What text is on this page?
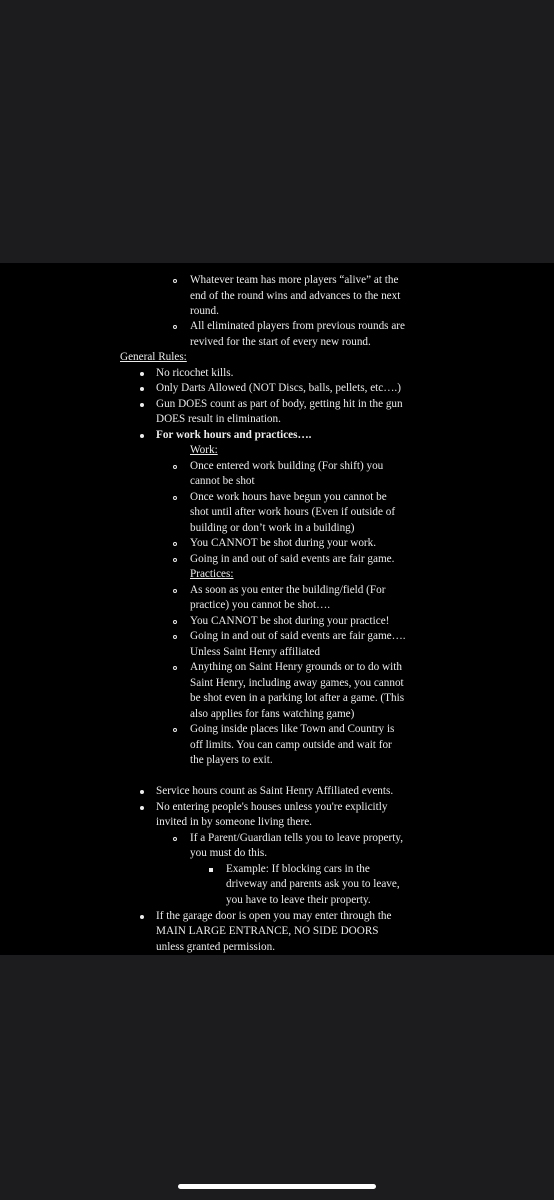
Whatever team has more players “alive” at the
end of the round wins and advances to the next
round.
All eliminated players from previous rounds are
revived for the start of every new round.
General Rules:
No ricochet kills.
Only Darts Allowed (NOT Discs, balls, pellets, etc….)
Gun DOES count as part of body, getting hit in the gun
DOES result in elimination.
For work hours and practices….
Work:
Once entered work building (For shift) you
cannot be shot
Once work hours have begun you cannot be
shot until after work hours (Even if outside of
building or don’t work in a building)
You CANNOT be shot during your work.
Going in and out of said events are fair game.
Practices:
As soon as you enter the building/field (For
practice) you cannot be shot….
You CANNOT be shot during your practice!
Going in and out of said events are fair game….
Unless Saint Henry affiliated
Anything on Saint Henry grounds or to do with
Saint Henry, including away games, you cannot
be shot even in a parking lot after a game. (This
also applies for fans watching game)
Going inside places like Town and Country is
off limits. You can camp outside and wait for
the players to exit.
Service hours count as Saint Henry Affiliated events.
No entering people's houses unless you're explicitly
invited in by someone living there.
If a Parent/Guardian tells you to leave property,
you must do this.
Example: If blocking cars in the
driveway and parents ask you to leave,
you have to leave their property.
If the garage door is open you may enter through the
MAIN LARGE ENTRANCE, NO SIDE DOORS
unless granted permission.
